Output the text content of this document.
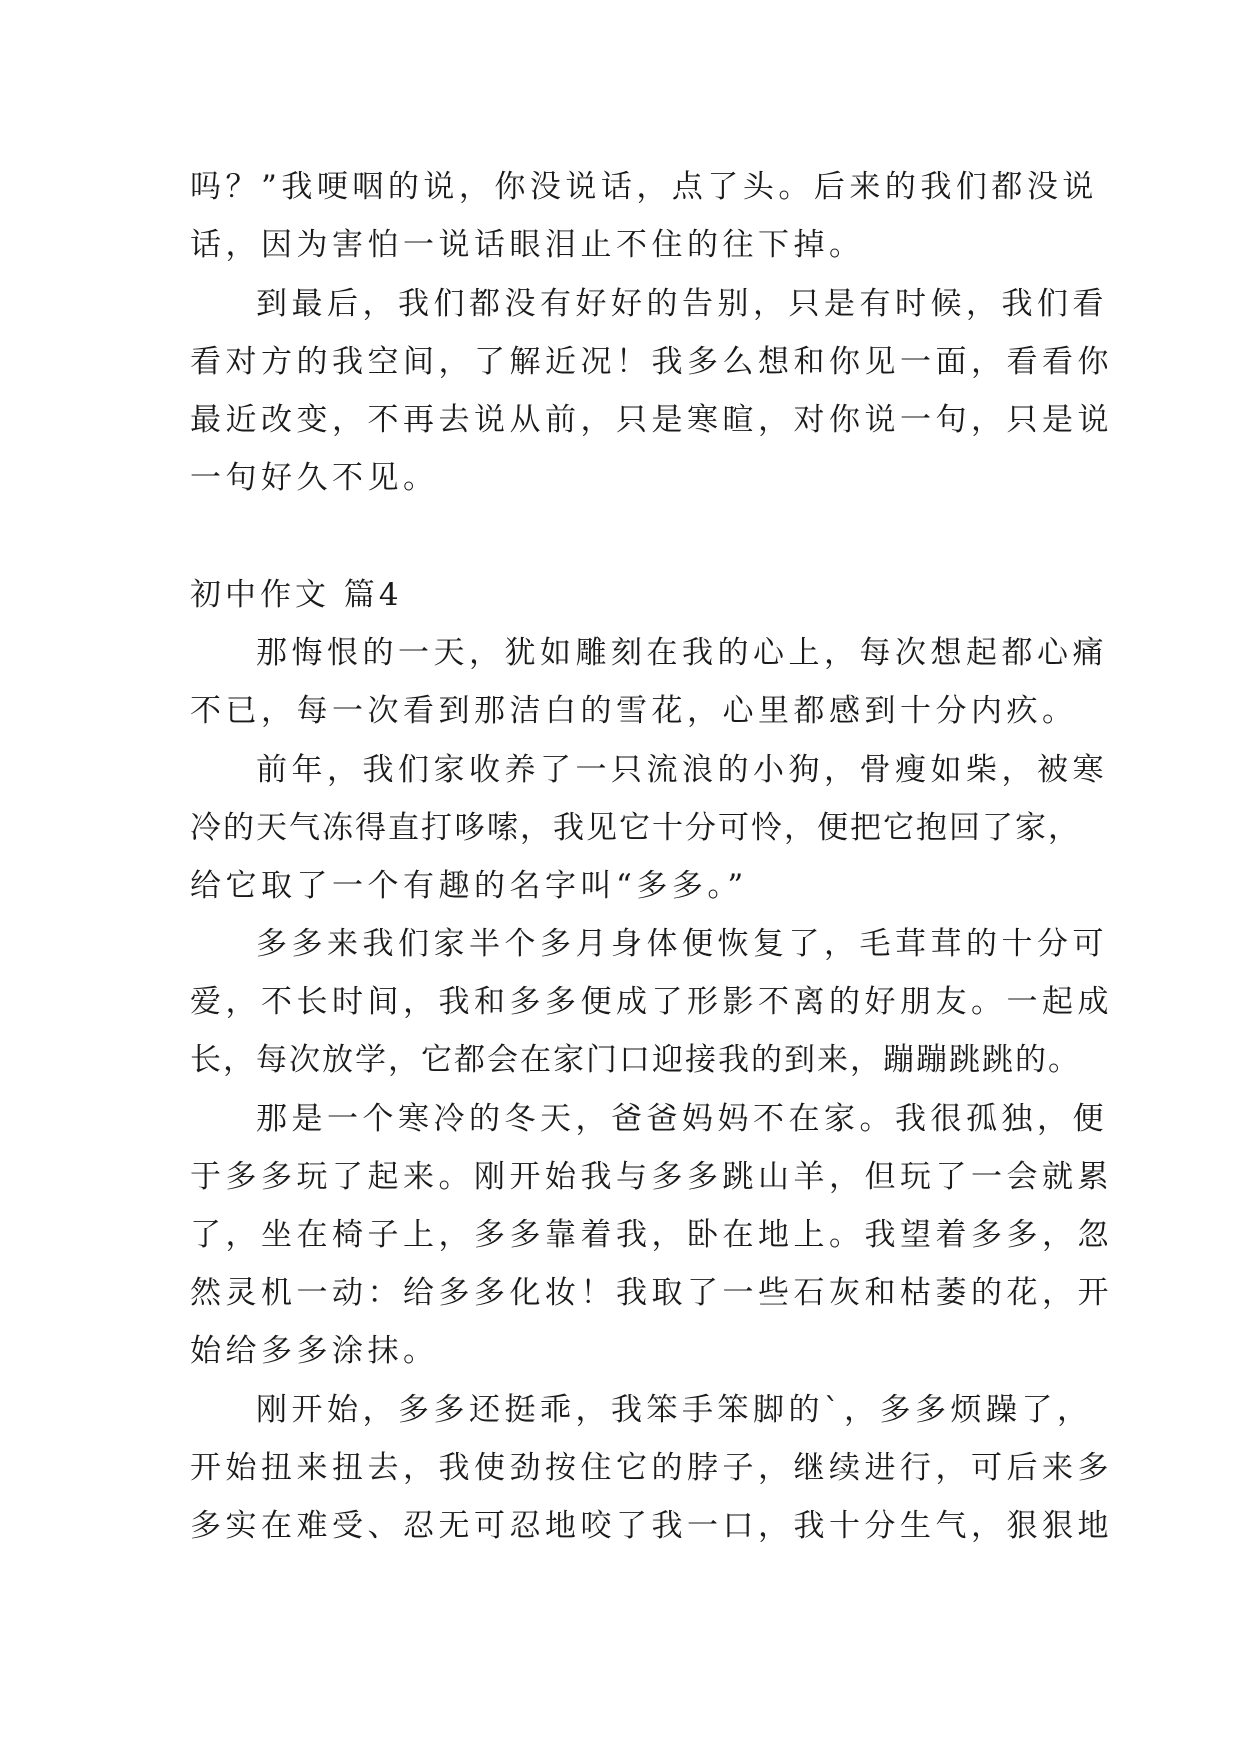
吗？”我哽咽的说，你没说话，点了头。后来的我们都没说
话，因为害怕一说话眼泪止不住的往下掉。
到最后，我们都没有好好的告别，只是有时候，我们看
看对方的我空间，了解近况！我多么想和你见一面，看看你
最近改变，不再去说从前，只是寒暄，对你说一句，只是说
一句好久不见。
初中作文 篇4
那悔恨的一天，犹如雕刻在我的心上，每次想起都心痛
不已，每一次看到那洁白的雪花，心里都感到十分内疚。
前年，我们家收养了一只流浪的小狗，骨瘦如柴，被寒
冷的天气冻得直打哆嗦，我见它十分可怜，便把它抱回了家，
给它取了一个有趣的名字叫“多多。”
多多来我们家半个多月身体便恢复了，毛茸茸的十分可
爱，不长时间，我和多多便成了形影不离的好朋友。一起成
长，每次放学，它都会在家门口迎接我的到来，蹦蹦跳跳的。
那是一个寒冷的冬天，爸爸妈妈不在家。我很孤独，便
于多多玩了起来。刚开始我与多多跳山羊，但玩了一会就累
了，坐在椅子上，多多靠着我，卧在地上。我望着多多，忽
然灵机一动：给多多化妆！我取了一些石灰和枯萎的花，开
始给多多涂抹。
刚开始，多多还挺乖，我笨手笨脚的`，多多烦躁了，
开始扭来扭去，我使劲按住它的脖子，继续进行，可后来多
多实在难受、忍无可忍地咬了我一口，我十分生气，狠狠地
